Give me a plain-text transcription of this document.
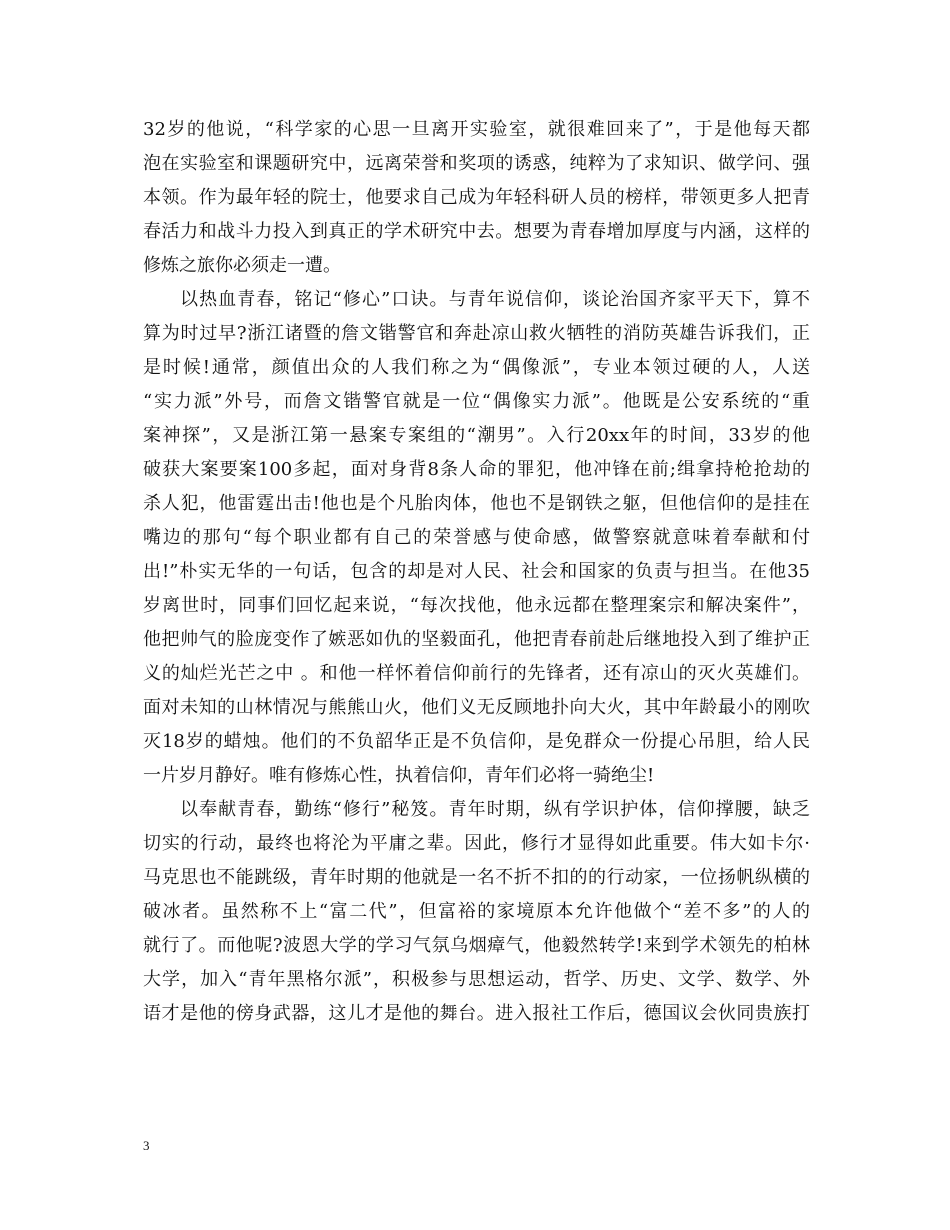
32岁的他说，“科学家的心思一旦离开实验室，就很难回来了”，于是他每天都
泡在实验室和课题研究中，远离荣誉和奖项的诱惑，纯粹为了求知识、做学问、强
本领。作为最年轻的院士，他要求自己成为年轻科研人员的榜样，带领更多人把青
春活力和战斗力投入到真正的学术研究中去。想要为青春增加厚度与内涵，这样的
修炼之旅你必须走一遭。
以热血青春，铭记“修心”口诀。与青年说信仰，谈论治国齐家平天下，算不
算为时过早?浙江诸暨的詹文锴警官和奔赴凉山救火牺牲的消防英雄告诉我们，正
是时候!通常，颜值出众的人我们称之为“偶像派”，专业本领过硬的人，人送
“实力派”外号，而詹文锴警官就是一位“偶像实力派”。他既是公安系统的“重
案神探”，又是浙江第一悬案专案组的“潮男”。入行20xx年的时间，33岁的他
破获大案要案100多起，面对身背8条人命的罪犯，他冲锋在前;缉拿持枪抢劫的
杀人犯，他雷霆出击!他也是个凡胎肉体，他也不是钢铁之躯，但他信仰的是挂在
嘴边的那句“每个职业都有自己的荣誉感与使命感，做警察就意味着奉献和付
出!”朴实无华的一句话，包含的却是对人民、社会和国家的负责与担当。在他35
岁离世时，同事们回忆起来说，“每次找他，他永远都在整理案宗和解决案件”，
他把帅气的脸庞变作了嫉恶如仇的坚毅面孔，他把青春前赴后继地投入到了维护正
义的灿烂光芒之中 。和他一样怀着信仰前行的先锋者，还有凉山的灭火英雄们。
面对未知的山林情况与熊熊山火，他们义无反顾地扑向大火，其中年龄最小的刚吹
灭18岁的蜡烛。他们的不负韶华正是不负信仰，是免群众一份提心吊胆，给人民
一片岁月静好。唯有修炼心性，执着信仰，青年们必将一骑绝尘!
以奉献青春，勤练“修行”秘笈。青年时期，纵有学识护体，信仰撑腰，缺乏
切实的行动，最终也将沦为平庸之辈。因此，修行才显得如此重要。伟大如卡尔·
马克思也不能跳级，青年时期的他就是一名不折不扣的的行动家，一位扬帆纵横的
破冰者。虽然称不上“富二代”，但富裕的家境原本允许他做个“差不多”的人的
就行了。而他呢?波恩大学的学习气氛乌烟瘴气，他毅然转学!来到学术领先的柏林
大学，加入“青年黑格尔派”，积极参与思想运动，哲学、历史、文学、数学、外
语才是他的傍身武器，这儿才是他的舞台。进入报社工作后，德国议会伙同贵族打
3
